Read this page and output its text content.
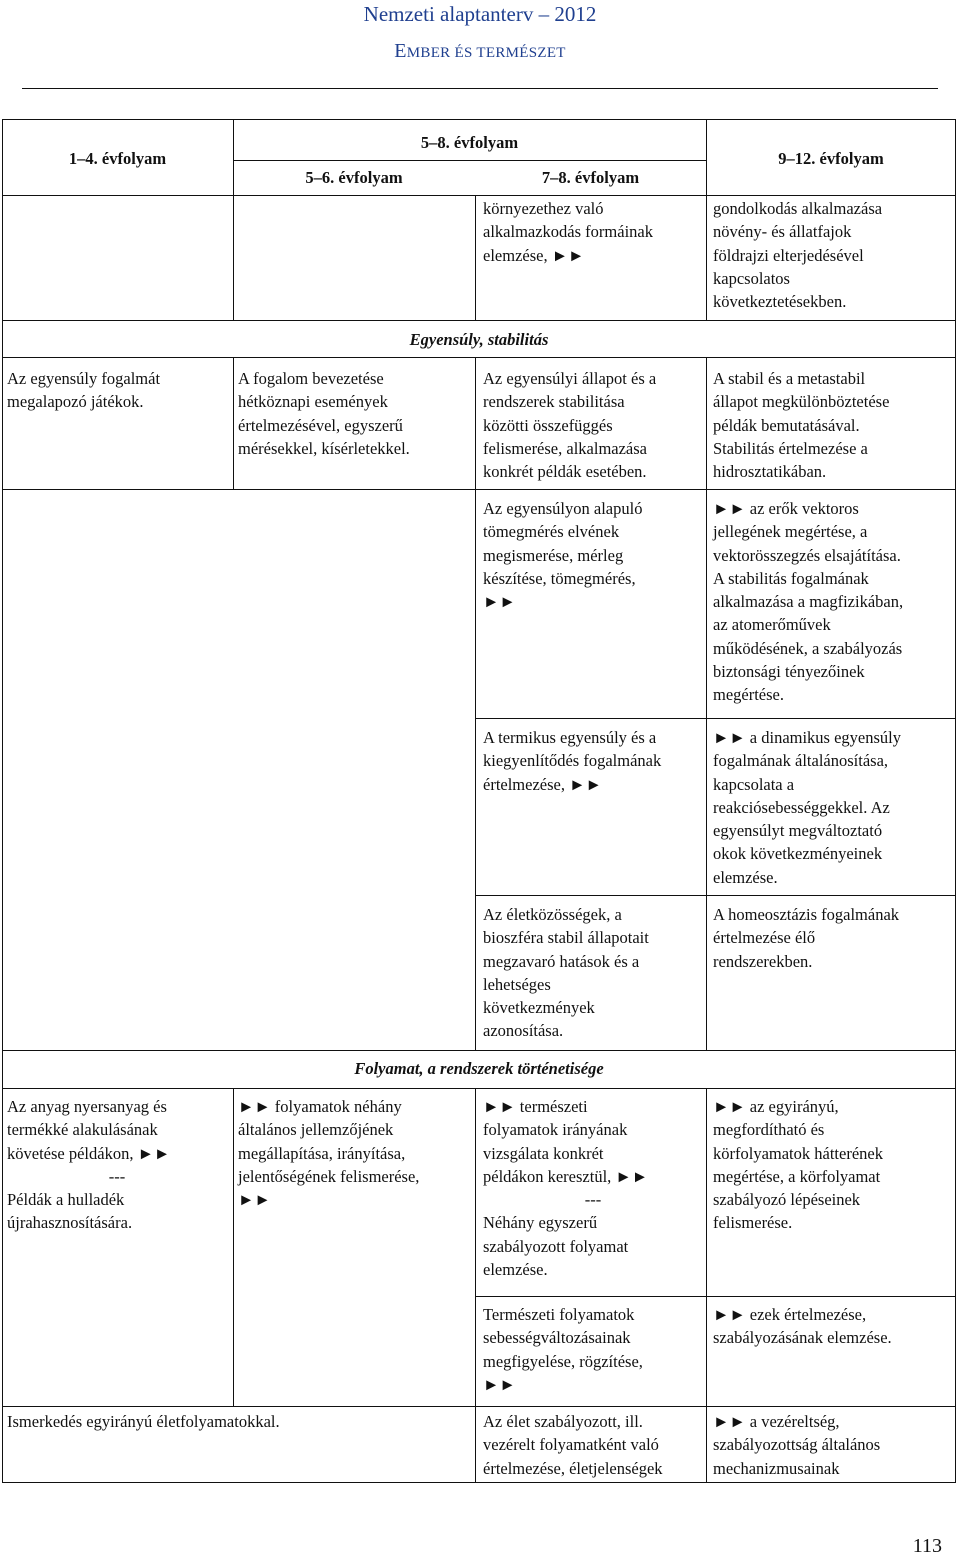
Nemzeti alaptanterv – 2012
EMBER ÉS TERMÉSZET
1–4. évfolyam
5–8. évfolyam
5–6. évfolyam	7–8. évfolyam
9–12. évfolyam
környezethez való
alkalmazkodás formáinak
elemzése, ►►
gondolkodás alkalmazása
növény- és állatfajok
földrajzi elterjedésével
kapcsolatos
következtetésekben.
Egyensúly, stabilitás
Az egyensúly fogalmát
megalapozó játékok.
A fogalom bevezetése
hétköznapi események
értelmezésével, egyszerű
mérésekkel, kísérletekkel.
Az egyensúlyi állapot és a
rendszerek stabilitása
közötti összefüggés
felismerése, alkalmazása
konkrét példák esetében.
A stabil és a metastabil
állapot megkülönböztetése
példák bemutatásával.
Stabilitás értelmezése a
hidrosztatikában.
Az egyensúlyon alapuló
tömegmérés elvének
megismerése, mérleg
készítése, tömegmérés,
►►
►► az erők vektoros
jellegének megértése, a
vektorösszegzés elsajátítása.
A stabilitás fogalmának
alkalmazása a magfizikában,
az atomerőművek
működésének, a szabályozás
biztonsági tényezőinek
megértése.
A termikus egyensúly és a
kiegyenlítődés fogalmának
értelmezése, ►►
►► a dinamikus egyensúly
fogalmának általánosítása,
kapcsolata a
reakciósebességgekkel. Az
egyensúlyt megváltoztató
okok következményeinek
elemzése.
Az életközösségek, a
bioszféra stabil állapotait
megzavaró hatások és a
lehetséges
következmények
azonosítása.
A homeosztázis fogalmának
értelmezése élő
rendszerekben.
Folyamat, a rendszerek történetisége
Az anyag nyersanyag és
termékké alakulásának
követése példákon, ►►
---
Példák a hulladék
újrahasznosítására.
►► folyamatok néhány
általános jellemzőjének
megállapítása, irányítása,
jelentőségének felismerése,
►►
►► természeti
folyamatok irányának
vizsgálata konkrét
példákon keresztül, ►►
---
Néhány egyszerű
szabályozott folyamat
elemzése.
►► az egyirányú,
megfordítható és
körfolyamatok hátterének
megértése, a körfolyamat
szabályozó lépéseinek
felismerése.
Természeti folyamatok
sebességváltozásainak
megfigyelése, rögzítése,
►►
►► ezek értelmezése,
szabályozásának elemzése.
Ismerkedés egyirányú életfolyamatokkal.	Az élet szabályozott, ill.
vezérelt folyamatként való
értelmezése, életjelenségek
►► a vezéreltség,
szabályozottság általános
mechanizmusainak
113
